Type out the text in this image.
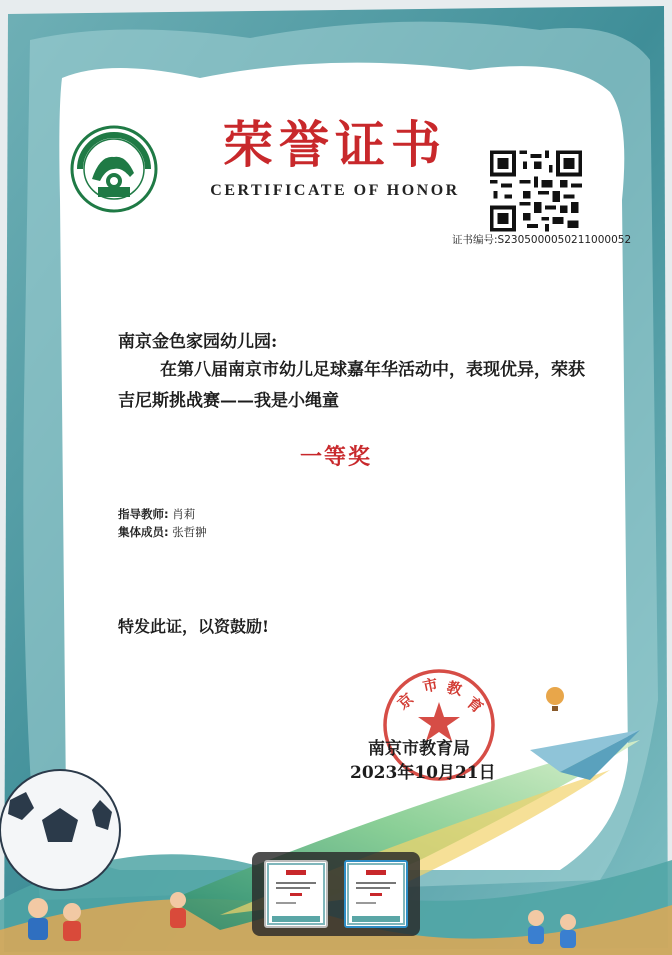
荣誉证书
CERTIFICATE OF HONOR
证书编号:S2305000050211000052
南京金色家园幼儿园:
在第八届南京市幼儿足球嘉年华活动中，表现优异，荣获吉尼斯挑战赛——我是小绳童
一等奖
指导教师: 肖莉
集体成员: 张哲翀
特发此证，以资鼓励!
京
市 教
育
南京市教育局
2023年10月21日
